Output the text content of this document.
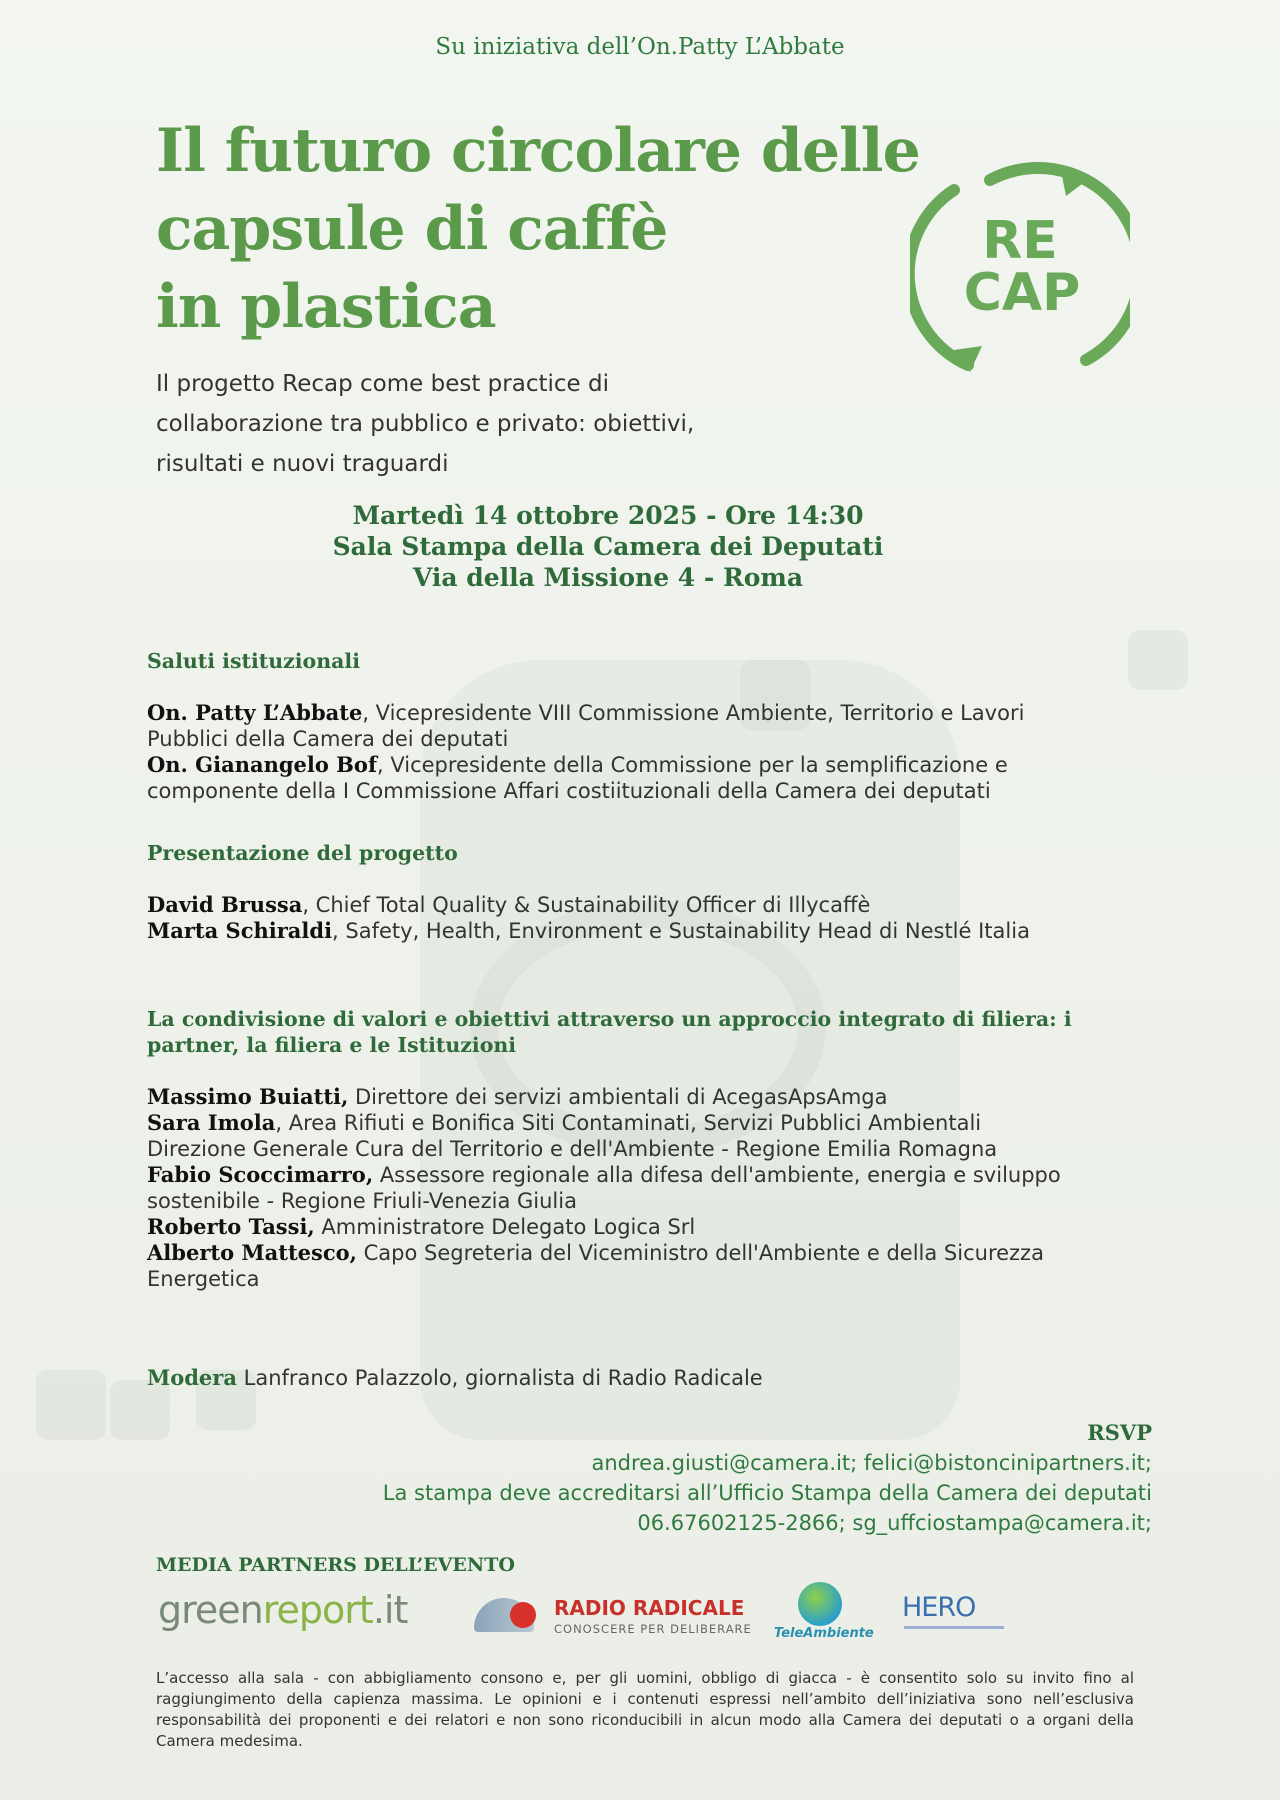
Su iniziativa dell’On.Patty L’Abbate
Il futuro circolare delle
capsule di caffè
in plastica
RE
CAP
Il progetto Recap come best practice di
collaborazione tra pubblico e privato: obiettivi,
risultati e nuovi traguardi
Martedì 14 ottobre 2025 - Ore 14:30
Sala Stampa della Camera dei Deputati
Via della Missione 4 - Roma
Saluti istituzionali
On. Patty L’Abbate, Vicepresidente VIII Commissione Ambiente, Territorio e Lavori
Pubblici della Camera dei deputati
On. Gianangelo Bof, Vicepresidente della Commissione per la semplificazione e
componente della I Commissione Affari costiituzionali della Camera dei deputati
Presentazione del progetto
David Brussa, Chief Total Quality & Sustainability Officer di Illycaffè
Marta Schiraldi, Safety, Health, Environment e Sustainability Head di Nestlé Italia
La condivisione di valori e obiettivi attraverso un approccio integrato di filiera: i
partner, la filiera e le Istituzioni
Massimo Buiatti, Direttore dei servizi ambientali di AcegasApsAmga
Sara Imola, Area Rifiuti e Bonifica Siti Contaminati, Servizi Pubblici Ambientali
Direzione Generale Cura del Territorio e dell'Ambiente - Regione Emilia Romagna
Fabio Scoccimarro, Assessore regionale alla difesa dell'ambiente, energia e sviluppo
sostenibile - Regione Friuli-Venezia Giulia
Roberto Tassi, Amministratore Delegato Logica Srl
Alberto Mattesco, Capo Segreteria del Viceministro dell'Ambiente e della Sicurezza
Energetica
Modera Lanfranco Palazzolo, giornalista di Radio Radicale
RSVP
andrea.giusti@camera.it; felici@bistoncinipartners.it;
La stampa deve accreditarsi all’Ufficio Stampa della Camera dei deputati
06.67602125-2866; sg_uffciostampa@camera.it;
MEDIA PARTNERS DELL’EVENTO
greenreport.it	RADIO RADICALE
CONOSCERE PER DELIBERARE TeleAmbiente
HERO
L’accesso alla sala - con abbigliamento consono e, per gli uomini, obbligo di giacca - è consentito solo su invito fino al raggiungimento della capienza massima. Le opinioni e i contenuti espressi nell’ambito dell’iniziativa sono nell’esclusiva responsabilità dei proponenti e dei relatori e non sono riconducibili in alcun modo alla Camera dei deputati o a organi della Camera medesima.
